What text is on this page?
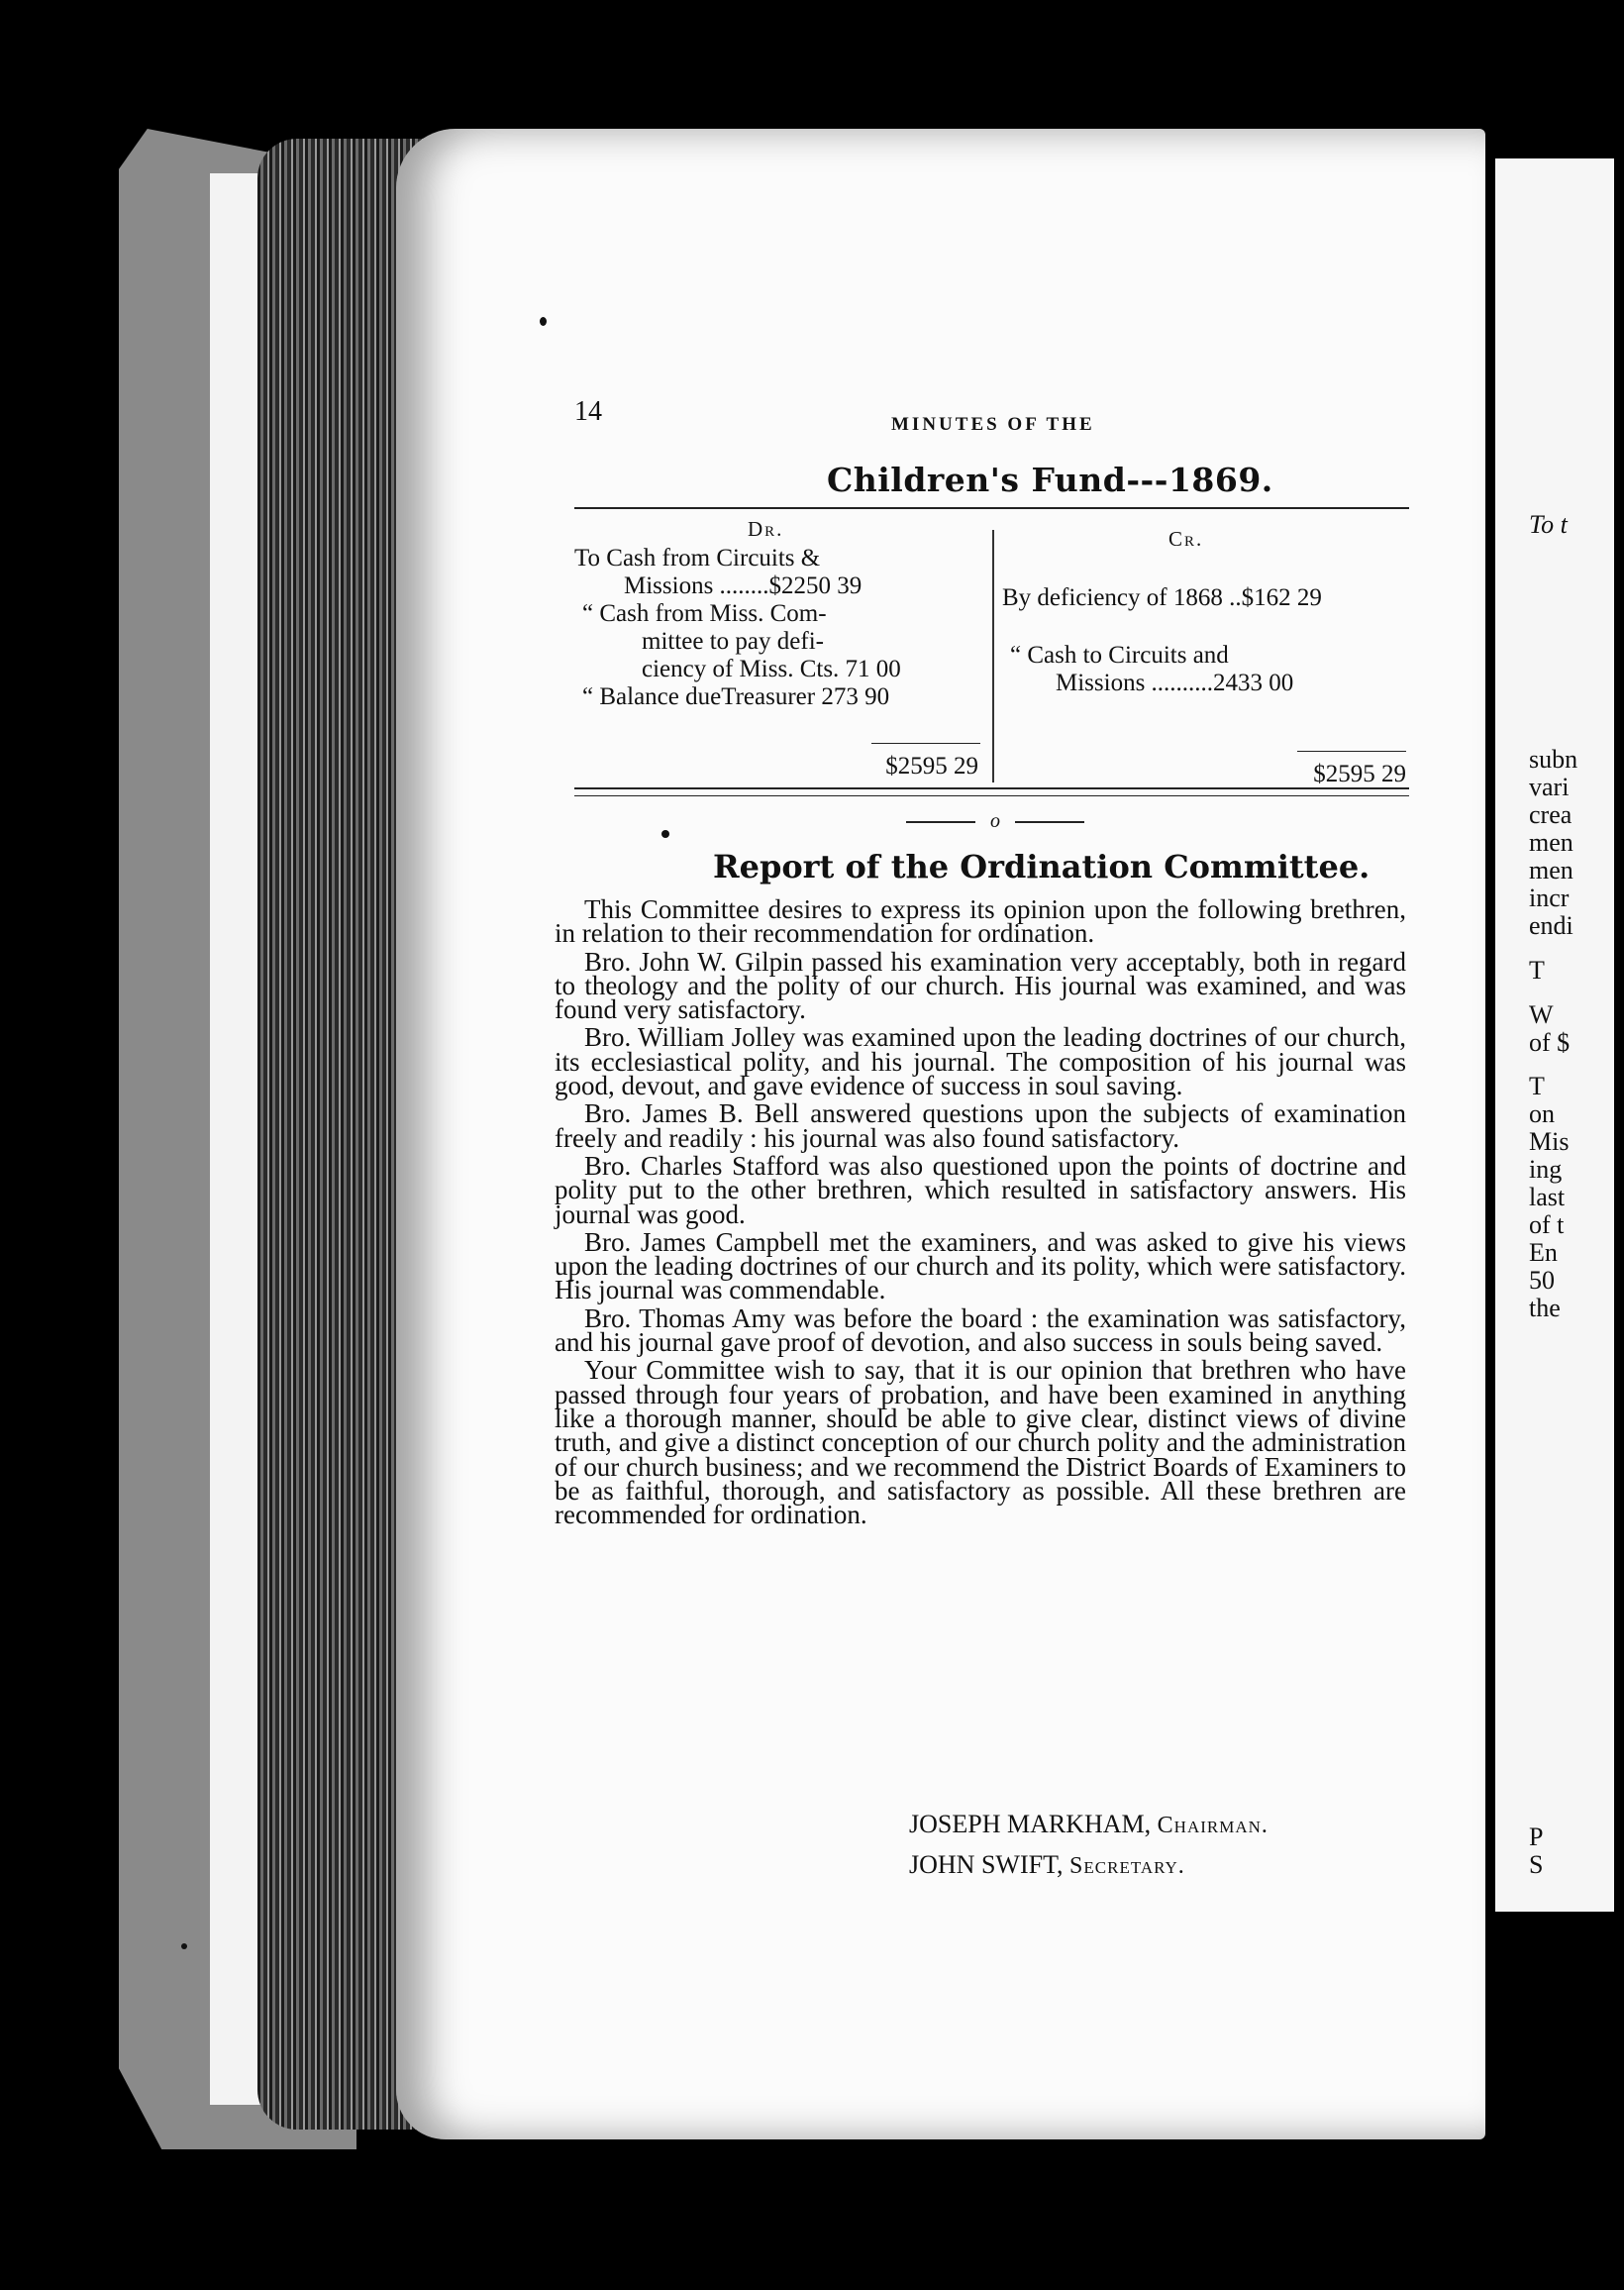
To t
subn
vari
crea
men
men
incr
endi
T
W
of $
T
on
Mis
ing
last
of t
En
50
the
P
S
14	MINUTES OF THE
Children's Fund---1869.
Dr.	Cr.
To Cash from Circuits &
Missions ........$2250 39
“ Cash from Miss. Com-
mittee to pay defi-
ciency of Miss. Cts. 71 00
“ Balance dueTreasurer 273 90
$2595 29
By deficiency of 1868 ..$162 29
“ Cash to Circuits and
Missions ..........2433 00
$2595 29
o
Report of the Ordination Committee.

This Committee desires to express its opinion upon the following brethren, in relation to their recommendation for ordination.

Bro. John W. Gilpin passed his examination very acceptably, both in regard to theology and the polity of our church. His journal was examined, and was found very satisfactory.

Bro. William Jolley was examined upon the leading doctrines of our church, its ecclesiastical polity, and his journal. The composition of his journal was good, devout, and gave evidence of success in soul saving.

Bro. James B. Bell answered questions upon the subjects of examination freely and readily : his journal was also found satisfactory.

Bro. Charles Stafford was also questioned upon the points of doctrine and polity put to the other brethren, which resulted in satisfactory answers. His journal was good.

Bro. James Campbell met the examiners, and was asked to give his views upon the leading doctrines of our church and its polity, which were satisfactory. His journal was commendable.

Bro. Thomas Amy was before the board : the examination was satisfactory, and his journal gave proof of devotion, and also success in souls being saved.

Your Committee wish to say, that it is our opinion that brethren who have passed through four years of probation, and have been examined in anything like a thorough manner, should be able to give clear, distinct views of divine truth, and give a distinct conception of our church polity and the administration of our church business; and we recommend the District Boards of Examiners to be as faithful, thorough, and satisfactory as possible. All these brethren are recommended for ordination.

JOSEPH MARKHAM, Chairman.
JOHN SWIFT, Secretary.
